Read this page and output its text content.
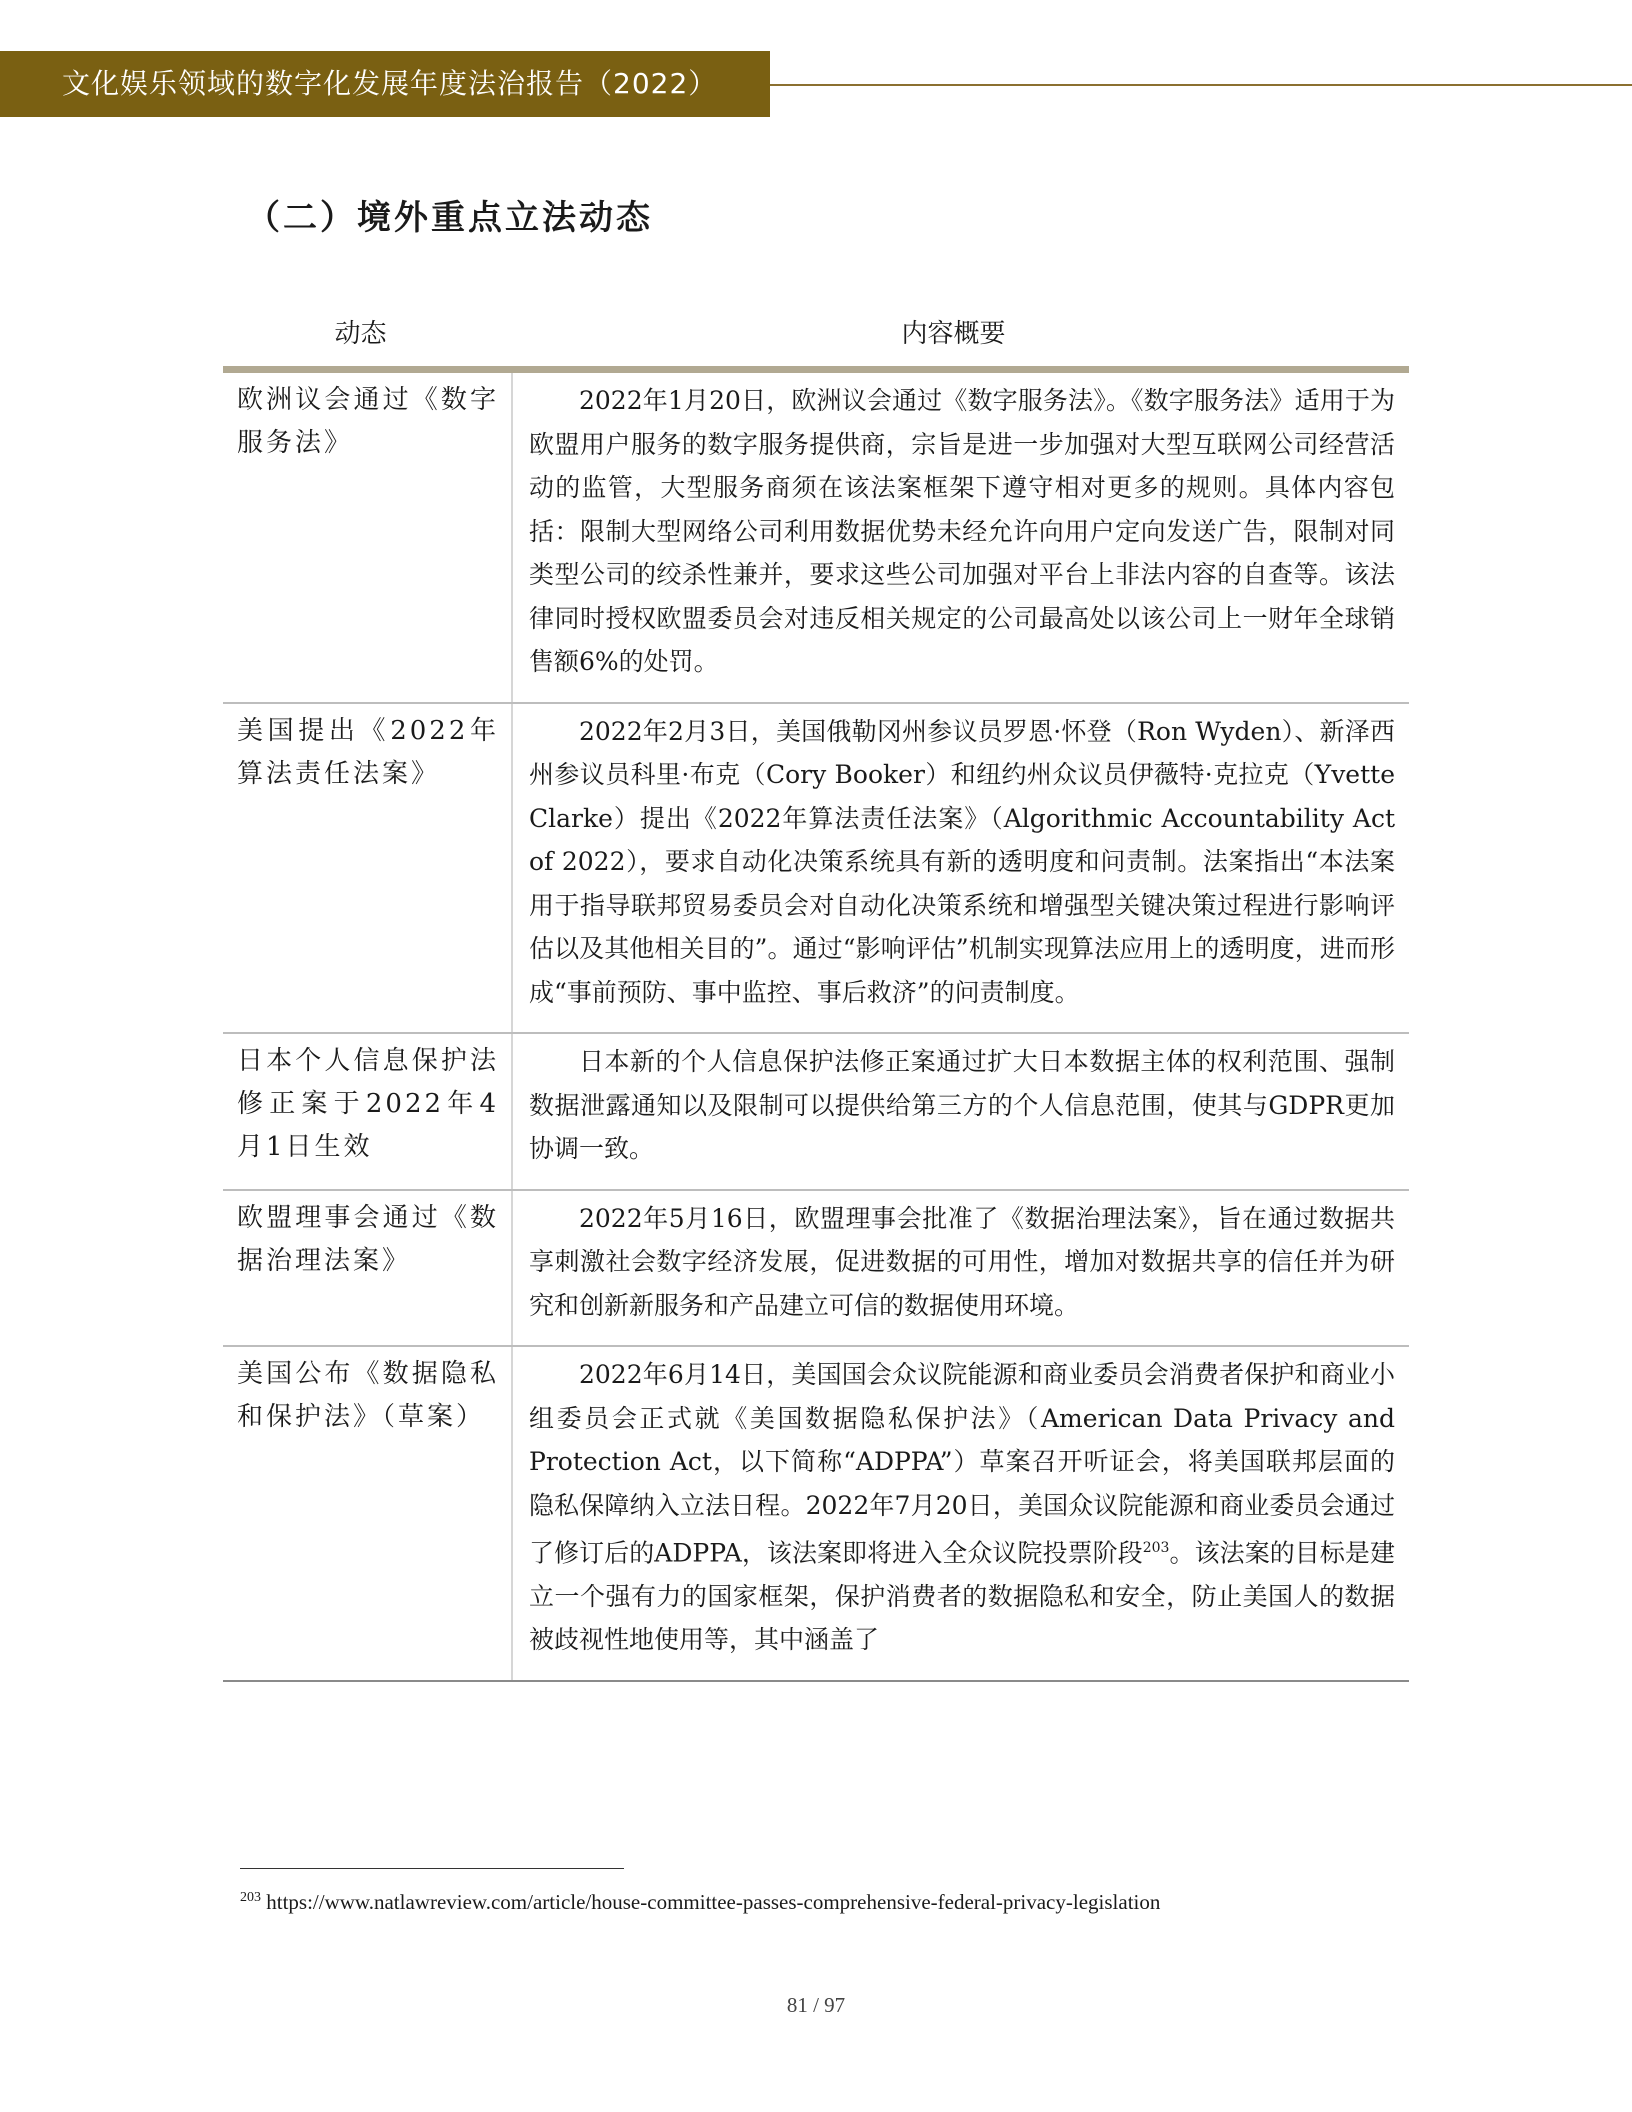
文化娱乐领域的数字化发展年度法治报告（2022）
（二）境外重点立法动态
动态	内容概要
欧洲议会通过《数字服务法》
2022年1月20日，欧洲议会通过《数字服务法》。《数字服务法》适用于为欧盟用户服务的数字服务提供商，宗旨是进一步加强对大型互联网公司经营活动的监管，大型服务商须在该法案框架下遵守相对更多的规则。具体内容包括：限制大型网络公司利用数据优势未经允许向用户定向发送广告，限制对同类型公司的绞杀性兼并，要求这些公司加强对平台上非法内容的自查等。该法律同时授权欧盟委员会对违反相关规定的公司最高处以该公司上一财年全球销售额6%的处罚。
美国提出《2022年算法责任法案》
2022年2月3日，美国俄勒冈州参议员罗恩·怀登（Ron Wyden）、新泽西州参议员科里·布克（Cory Booker）和纽约州众议员伊薇特·克拉克（Yvette Clarke）提出《2022年算法责任法案》（Algorithmic Accountability Act of 2022），要求自动化决策系统具有新的透明度和问责制。法案指出“本法案用于指导联邦贸易委员会对自动化决策系统和增强型关键决策过程进行影响评估以及其他相关目的”。通过“影响评估”机制实现算法应用上的透明度，进而形成“事前预防、事中监控、事后救济”的问责制度。
日本个人信息保护法修正案于2022年4月1日生效
日本新的个人信息保护法修正案通过扩大日本数据主体的权利范围、强制数据泄露通知以及限制可以提供给第三方的个人信息范围，使其与GDPR更加协调一致。
欧盟理事会通过《数据治理法案》
2022年5月16日，欧盟理事会批准了《数据治理法案》，旨在通过数据共享刺激社会数字经济发展，促进数据的可用性，增加对数据共享的信任并为研究和创新新服务和产品建立可信的数据使用环境。
美国公布《数据隐私和保护法》（草案）
2022年6月14日，美国国会众议院能源和商业委员会消费者保护和商业小组委员会正式就《美国数据隐私保护法》（American Data Privacy and Protection Act，以下简称“ADPPA”）草案召开听证会，将美国联邦层面的隐私保障纳入立法日程。2022年7月20日，美国众议院能源和商业委员会通过了修订后的ADPPA，该法案即将进入全众议院投票阶段$^{203}$。该法案的目标是建立一个强有力的国家框架，保护消费者的数据隐私和安全，防止美国人的数据被歧视性地使用等，其中涵盖了
$^{203}$ https://www.natlawreview.com/article/house-committee-passes-comprehensive-federal-privacy-legislation
81 / 97
